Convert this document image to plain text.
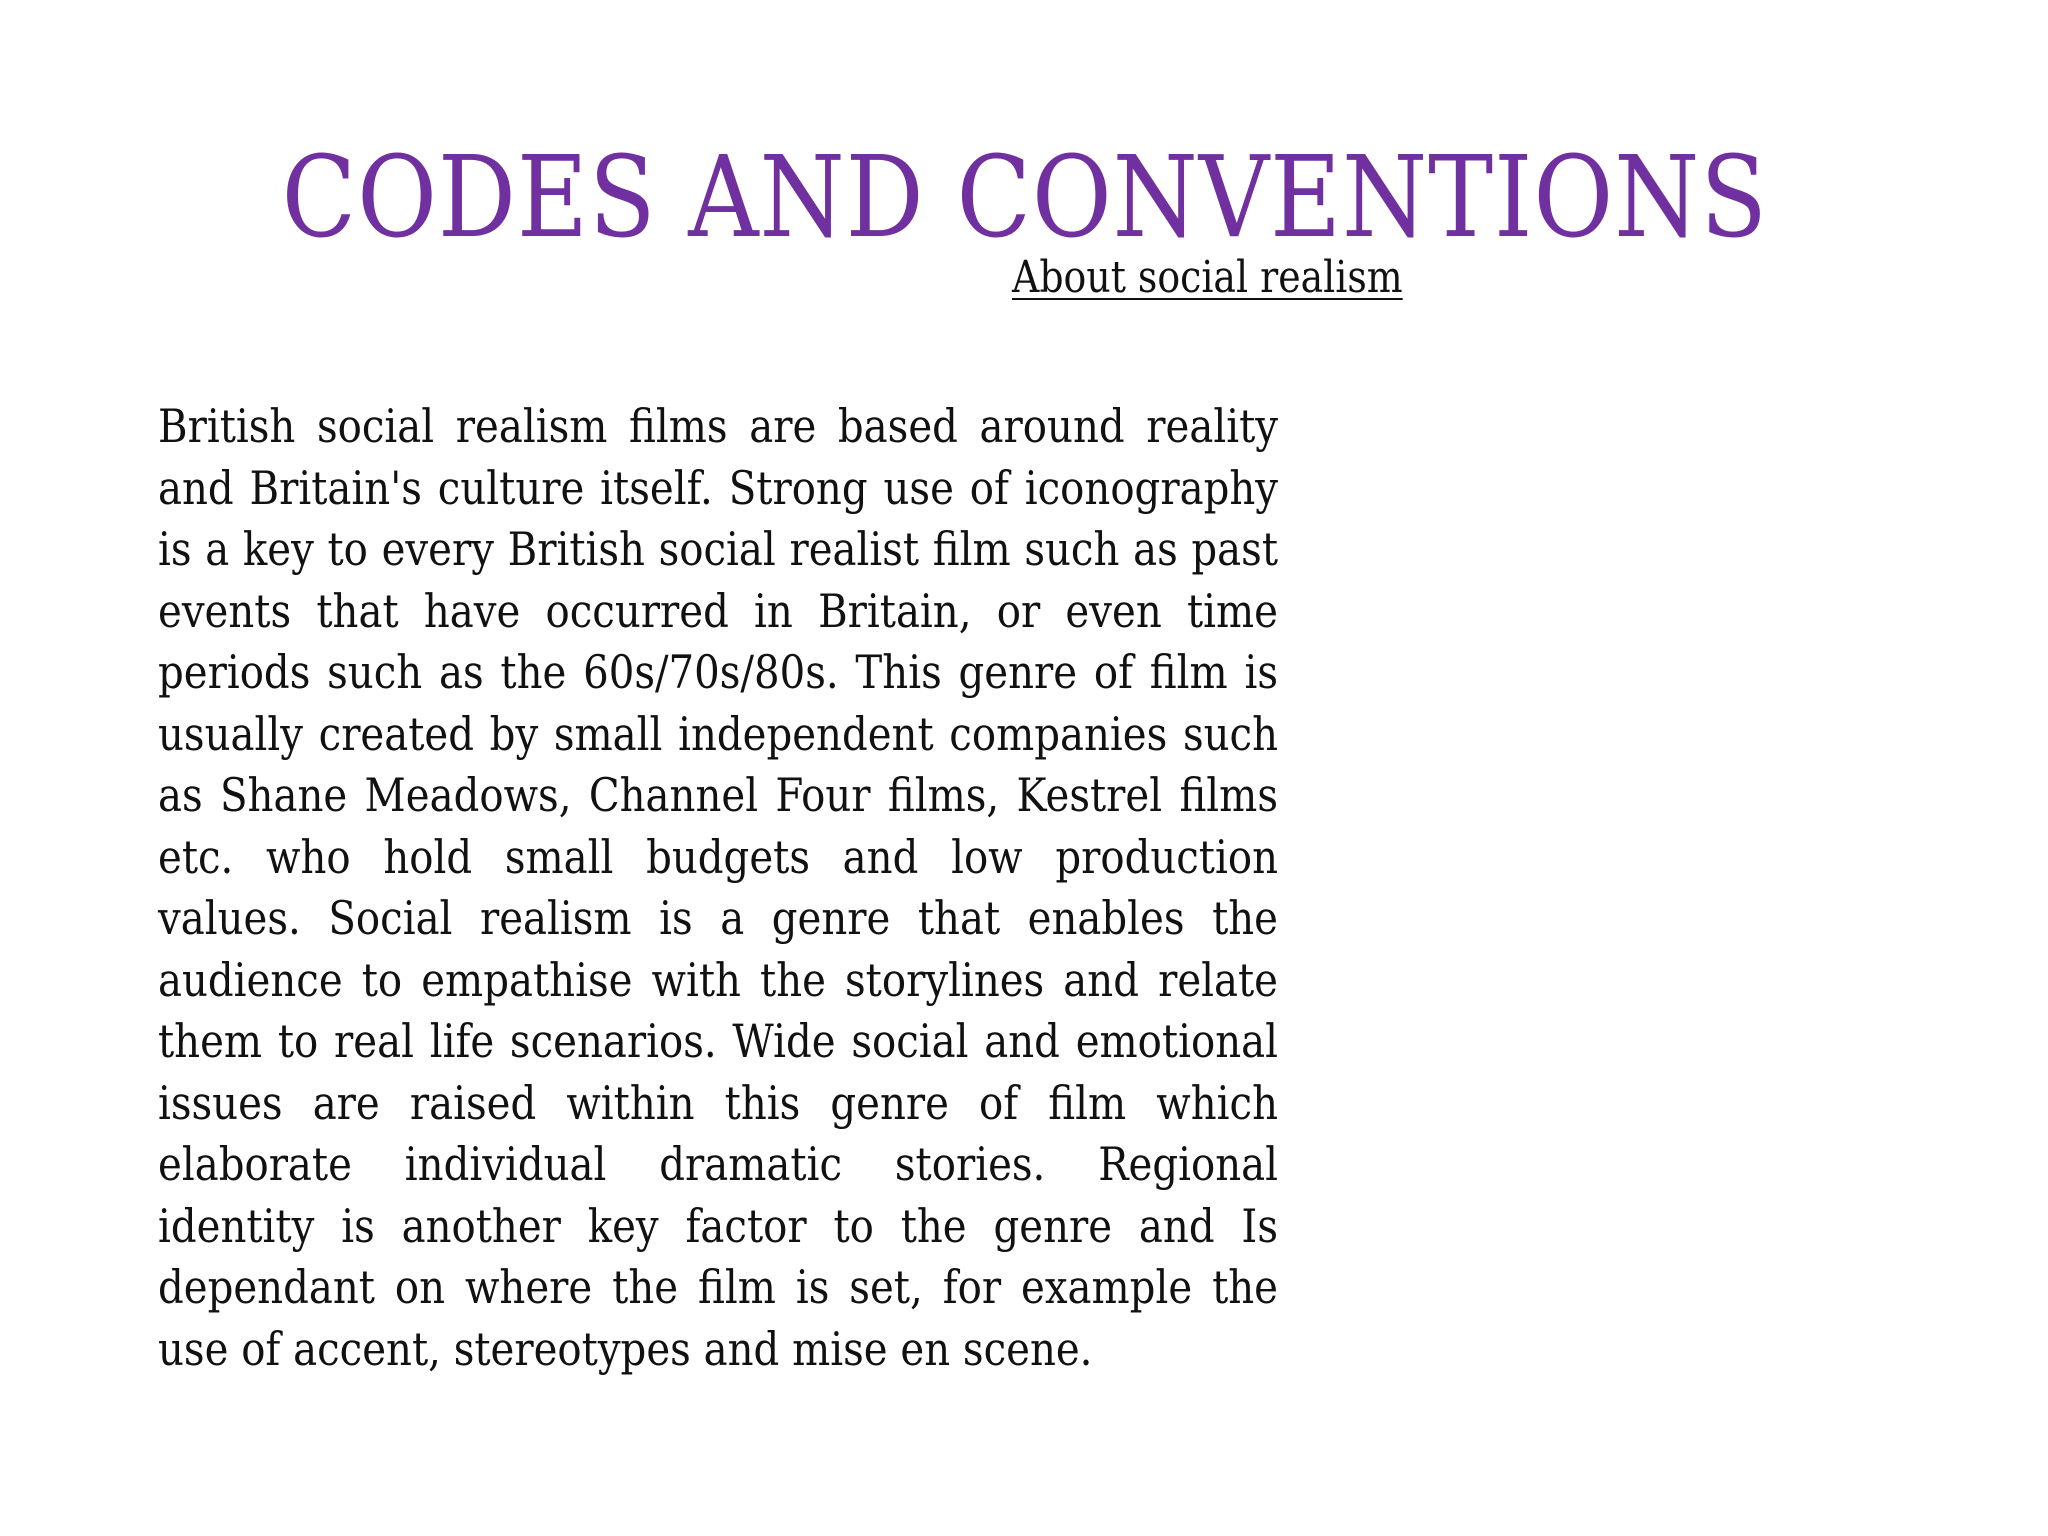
CODES AND CONVENTIONS

About social realism

British social realism films are based around reality and Britain's culture itself. Strong use of iconography is a key to every British social realist film such as past events that have occurred in Britain, or even time periods such as the 60s/70s/80s. This genre of film is usually created by small independent companies such as Shane Meadows, Channel Four films, Kestrel films etc. who hold small budgets and low production values. Social realism is a genre that enables the audience to empathise with the storylines and relate them to real life scenarios. Wide social and emotional issues are raised within this genre of film which elaborate individual dramatic stories. Regional identity is another key factor to the genre and Is dependant on where the film is set, for example the use of accent, stereotypes and mise en scene.
